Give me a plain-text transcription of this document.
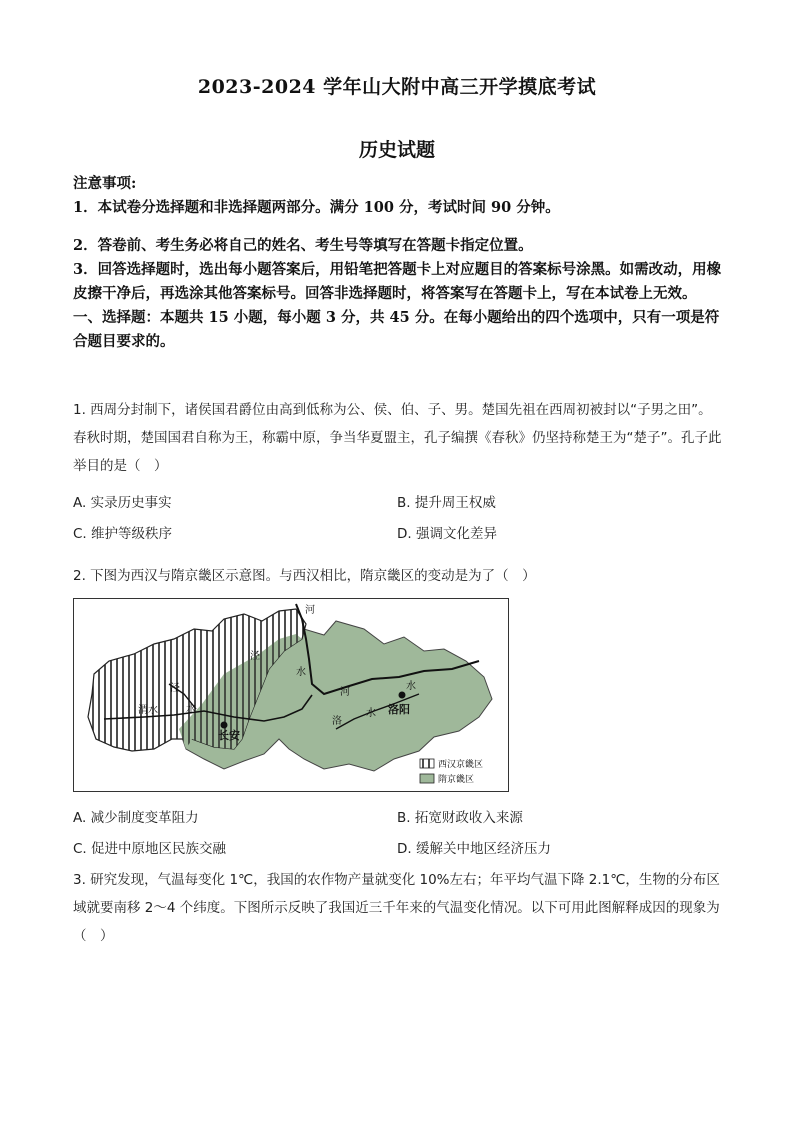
2023-2024 学年山大附中高三开学摸底考试
历史试题

注意事项:

1．本试卷分选择题和非选择题两部分。满分 100 分，考试时间 90 分钟。

2．答卷前、考生务必将自己的姓名、考生号等填写在答题卡指定位置。

3．回答选择题时，选出每小题答案后，用铅笔把答题卡上对应题目的答案标号涂黑。如需改动，用橡皮擦干净后，再选涂其他答案标号。回答非选择题时，将答案写在答题卡上，写在本试卷上无效。

一、选择题：本题共 15 小题，每小题 3 分，共 45 分。在每小题给出的四个选项中，只有一项是符合题目要求的。

1. 西周分封制下，诸侯国君爵位由高到低称为公、侯、伯、子、男。楚国先祖在西周初被封以“子男之田”。春秋时期，楚国国君自称为王，称霸中原，争当华夏盟主，孔子编撰《春秋》仍坚持称楚王为“楚子”。孔子此举目的是（　）

A. 实录历史事实	B. 提升周王权威
C. 维护等级秩序	D. 强调文化差异

2. 下图为西汉与隋京畿区示意图。与西汉相比，隋京畿区的变动是为了（　）

河
泾
泾
水
渭水	水
河
水
洛
水 洛阳
长安
西汉京畿区
隋京畿区
A. 减少制度变革阻力	B. 拓宽财政收入来源
C. 促进中原地区民族交融	D. 缓解关中地区经济压力

3. 研究发现，气温每变化 1℃，我国的农作物产量就变化 10%左右；年平均气温下降 2.1℃，生物的分布区域就要南移 2～4 个纬度。下图所示反映了我国近三千年来的气温变化情况。以下可用此图解释成因的现象为（　）
